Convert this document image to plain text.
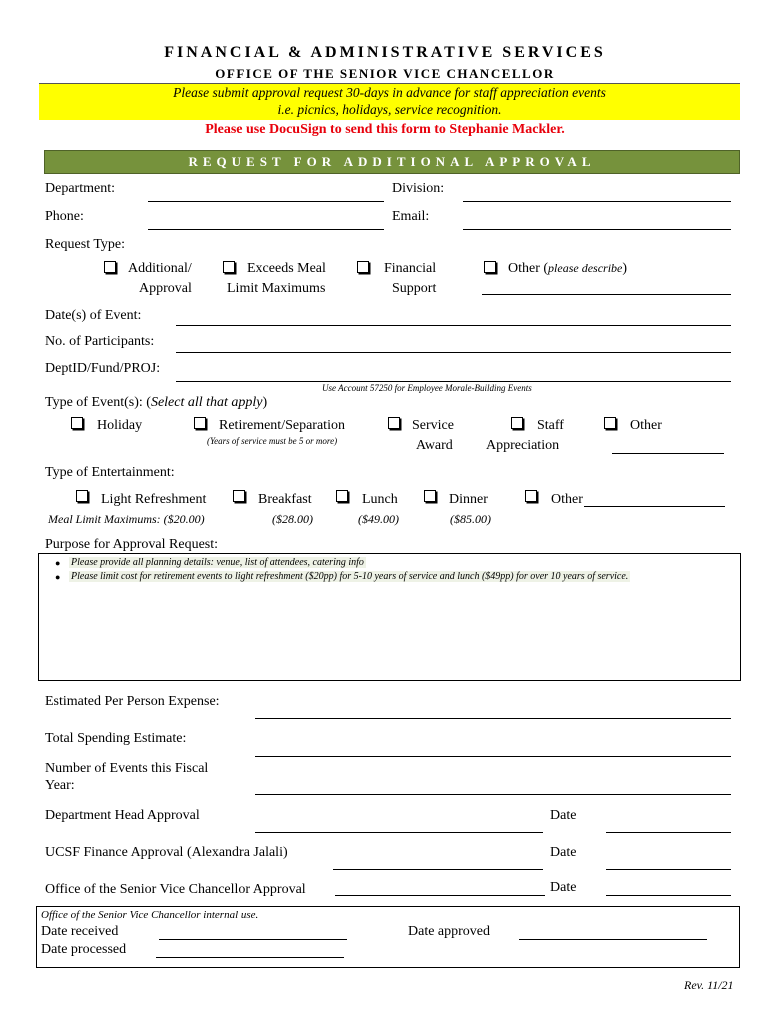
FINANCIAL & ADMINISTRATIVE SERVICES
OFFICE OF THE SENIOR VICE CHANCELLOR
Please submit approval request 30-days in advance for staff appreciation events
i.e. picnics, holidays, service recognition.
Please use DocuSign to send this form to Stephanie Mackler.
REQUEST FOR ADDITIONAL APPROVAL
Department:	Division:
Phone:	Email:
Request Type:
Additional/
Approval
Exceeds Meal
Limit Maximums
Financial
Support
Other (please describe)
Date(s) of Event:
No. of Participants:
DeptID/Fund/PROJ:
Use Account 57250 for Employee Morale-Building Events
Type of Event(s): (Select all that apply)
Holiday	Retirement/Separation
(Years of service must be 5 or more)
Service
Award
Staff
Appreciation
Other
Type of Entertainment:
Light Refreshment	Breakfast	Lunch	Dinner	Other
Meal Limit Maximums: ($20.00)	($28.00)	($49.00)	($85.00)
Purpose for Approval Request:
● Please provide all planning details: venue, list of attendees, catering info
● Please limit cost for retirement events to light refreshment ($20pp) for 5-10 years of service and lunch ($49pp) for over 10 years of service.
Estimated Per Person Expense:
Total Spending Estimate:
Number of Events this Fiscal
Year:
Department Head Approval	Date
UCSF Finance Approval (Alexandra Jalali)	Date
Office of the Senior Vice Chancellor Approval	Date
Office of the Senior Vice Chancellor internal use.
Date received
Date processed
Date approved
Rev. 11/21
